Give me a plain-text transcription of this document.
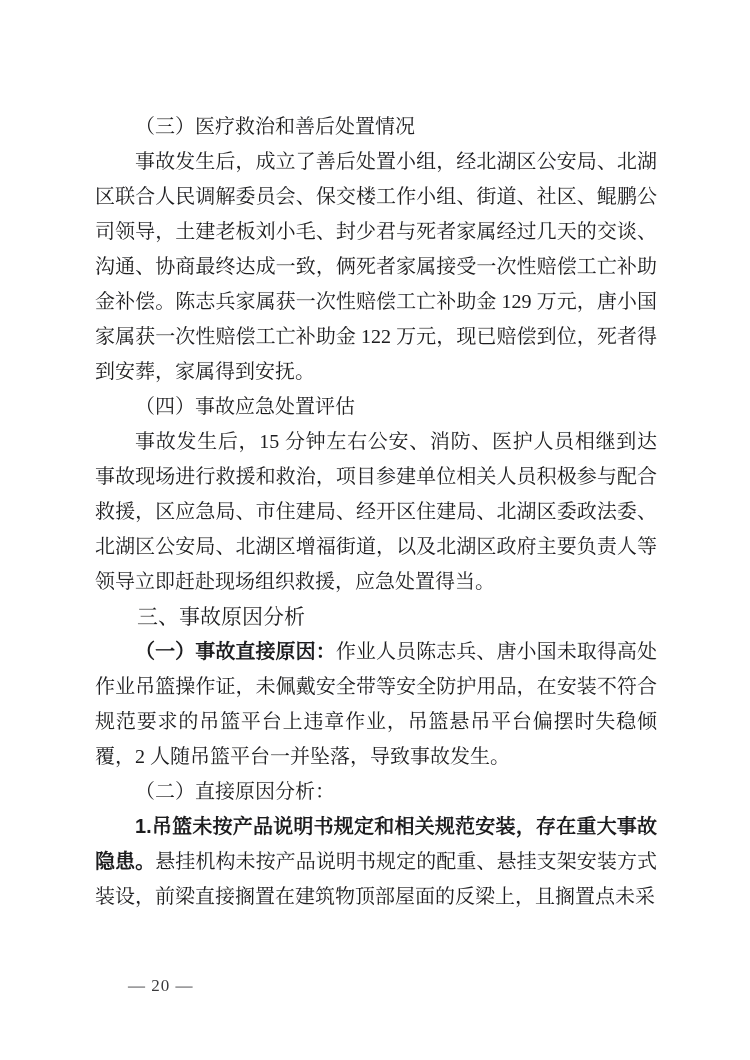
（三）医疗救治和善后处置情况

事故发生后，成立了善后处置小组，经北湖区公安局、北湖区联合人民调解委员会、保交楼工作小组、街道、社区、鲲鹏公司领导，土建老板刘小毛、封少君与死者家属经过几天的交谈、沟通、协商最终达成一致，俩死者家属接受一次性赔偿工亡补助金补偿。陈志兵家属获一次性赔偿工亡补助金 129 万元，唐小国家属获一次性赔偿工亡补助金 122 万元，现已赔偿到位，死者得到安葬，家属得到安抚。

（四）事故应急处置评估

事故发生后，15 分钟左右公安、消防、医护人员相继到达事故现场进行救援和救治，项目参建单位相关人员积极参与配合救援，区应急局、市住建局、经开区住建局、北湖区委政法委、北湖区公安局、北湖区增福街道，以及北湖区政府主要负责人等领导立即赶赴现场组织救援，应急处置得当。

三、事故原因分析

（一）事故直接原因：作业人员陈志兵、唐小国未取得高处作业吊篮操作证，未佩戴安全带等安全防护用品，在安装不符合规范要求的吊篮平台上违章作业，吊篮悬吊平台偏摆时失稳倾覆，2 人随吊篮平台一并坠落，导致事故发生。

（二）直接原因分析：

1.吊篮未按产品说明书规定和相关规范安装，存在重大事故隐患。悬挂机构未按产品说明书规定的配重、悬挂支架安装方式装设，前梁直接搁置在建筑物顶部屋面的反梁上，且搁置点未采

— 20 —
